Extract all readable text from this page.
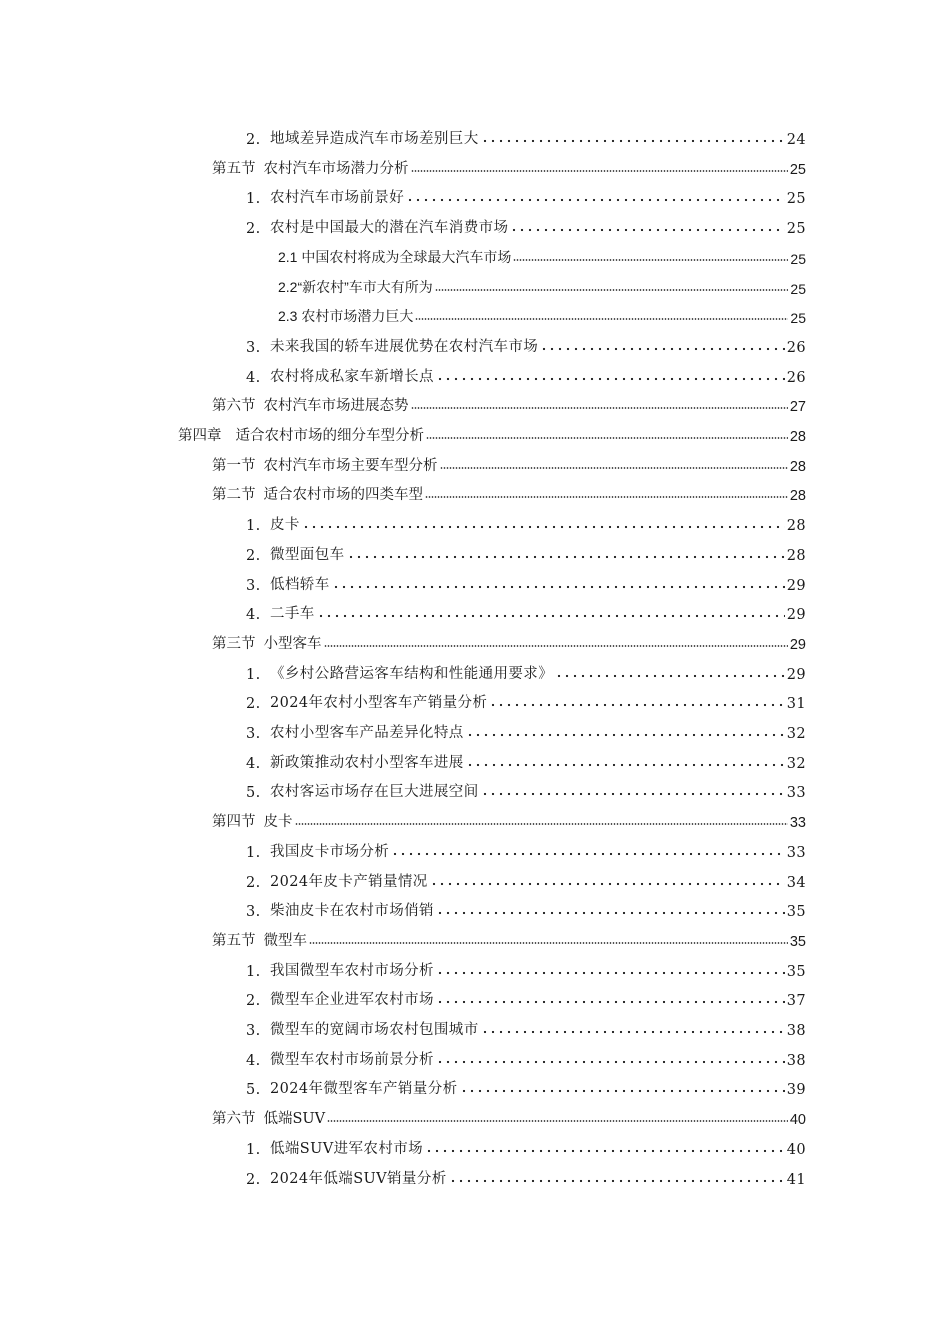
2. 地域差异造成汽车市场差别巨大	24
第五节 农村汽车市场潜力分析	25
1. 农村汽车市场前景好	25
2. 农村是中国最大的潜在汽车消费市场	25
2.1 中国农村将成为全球最大汽车市场	25
2.2“新农村”车市大有所为	25
2.3 农村市场潜力巨大	25
3. 未来我国的轿车进展优势在农村汽车市场	26
4. 农村将成私家车新增长点	26
第六节 农村汽车市场进展态势	27
第四章 适合农村市场的细分车型分析	28
第一节 农村汽车市场主要车型分析	28
第二节 适合农村市场的四类车型	28
1. 皮卡	28
2. 微型面包车	28
3. 低档轿车	29
4. 二手车	29
第三节 小型客车	29
1. 《乡村公路营运客车结构和性能通用要求》	29
2. 2024年农村小型客车产销量分析	31
3. 农村小型客车产品差异化特点	32
4. 新政策推动农村小型客车进展	32
5. 农村客运市场存在巨大进展空间	33
第四节 皮卡	33
1. 我国皮卡市场分析	33
2. 2024年皮卡产销量情况	34
3. 柴油皮卡在农村市场俏销	35
第五节 微型车	35
1. 我国微型车农村市场分析	35
2. 微型车企业进军农村市场	37
3. 微型车的宽阔市场农村包围城市	38
4. 微型车农村市场前景分析	38
5. 2024年微型客车产销量分析	39
第六节 低端SUV	40
1. 低端SUV进军农村市场	40
2. 2024年低端SUV销量分析	41
